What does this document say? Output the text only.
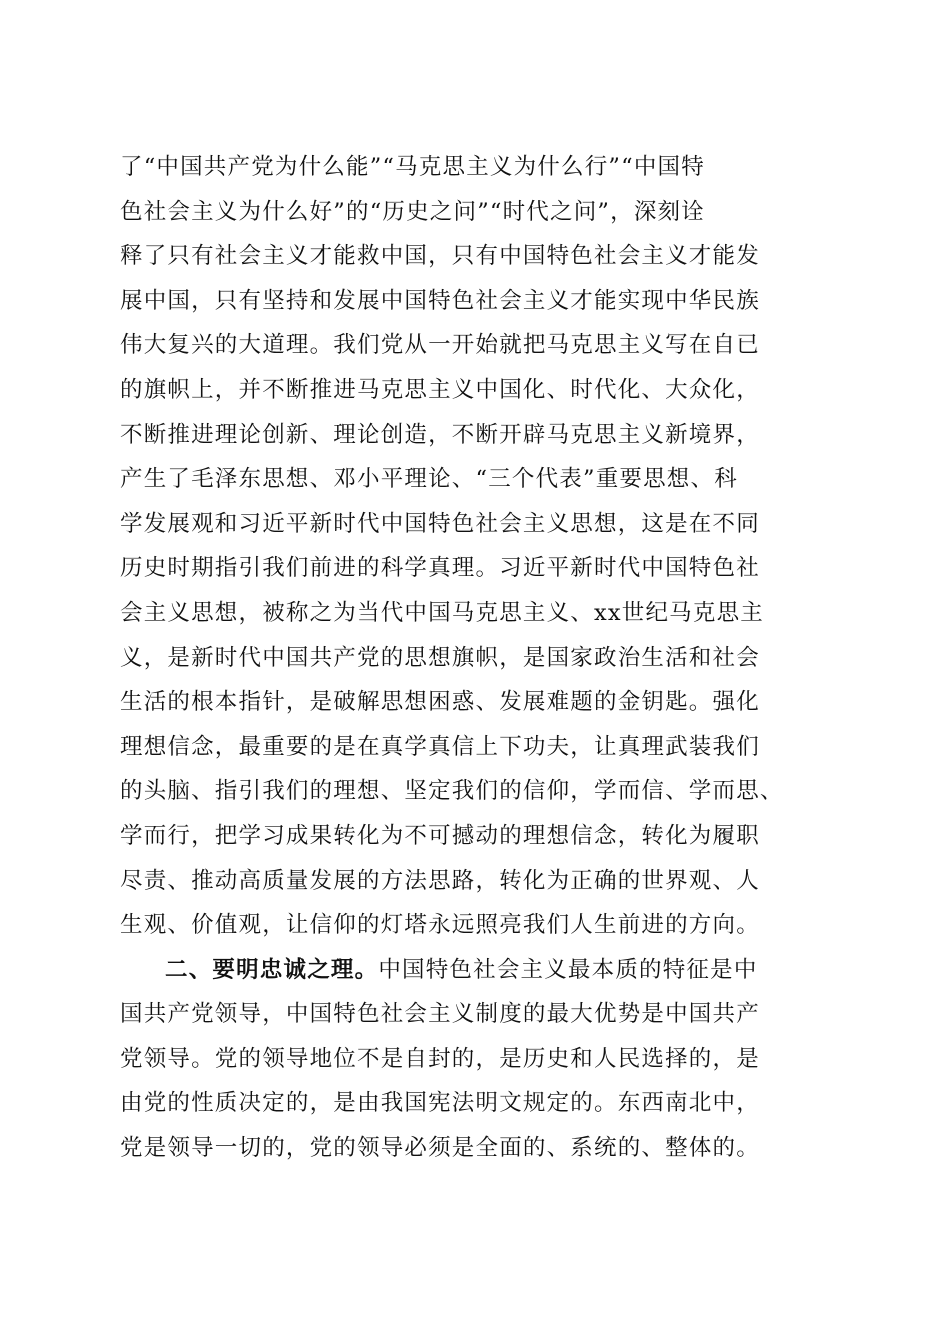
了“中国共产党为什么能”“马克思主义为什么行”“中国特
色社会主义为什么好”的“历史之问”“时代之问”，深刻诠
释了只有社会主义才能救中国，只有中国特色社会主义才能发
展中国，只有坚持和发展中国特色社会主义才能实现中华民族
伟大复兴的大道理。我们党从一开始就把马克思主义写在自已
的旗帜上，并不断推进马克思主义中国化、时代化、大众化，
不断推进理论创新、理论创造，不断开辟马克思主义新境界，
产生了毛泽东思想、邓小平理论、“三个代表”重要思想、科
学发展观和习近平新时代中国特色社会主义思想，这是在不同
历史时期指引我们前进的科学真理。习近平新时代中国特色社
会主义思想，被称之为当代中国马克思主义、xx世纪马克思主
义，是新时代中国共产党的思想旗帜，是国家政治生活和社会
生活的根本指针，是破解思想困惑、发展难题的金钥匙。强化
理想信念，最重要的是在真学真信上下功夫，让真理武装我们
的头脑、指引我们的理想、坚定我们的信仰，学而信、学而思、
学而行，把学习成果转化为不可撼动的理想信念，转化为履职
尽责、推动高质量发展的方法思路，转化为正确的世界观、人
生观、价值观，让信仰的灯塔永远照亮我们人生前进的方向。
二、要明忠诚之理。中国特色社会主义最本质的特征是中
国共产党领导，中国特色社会主义制度的最大优势是中国共产
党领导。党的领导地位不是自封的，是历史和人民选择的，是
由党的性质决定的，是由我国宪法明文规定的。东西南北中，
党是领导一切的，党的领导必须是全面的、系统的、整体的。
